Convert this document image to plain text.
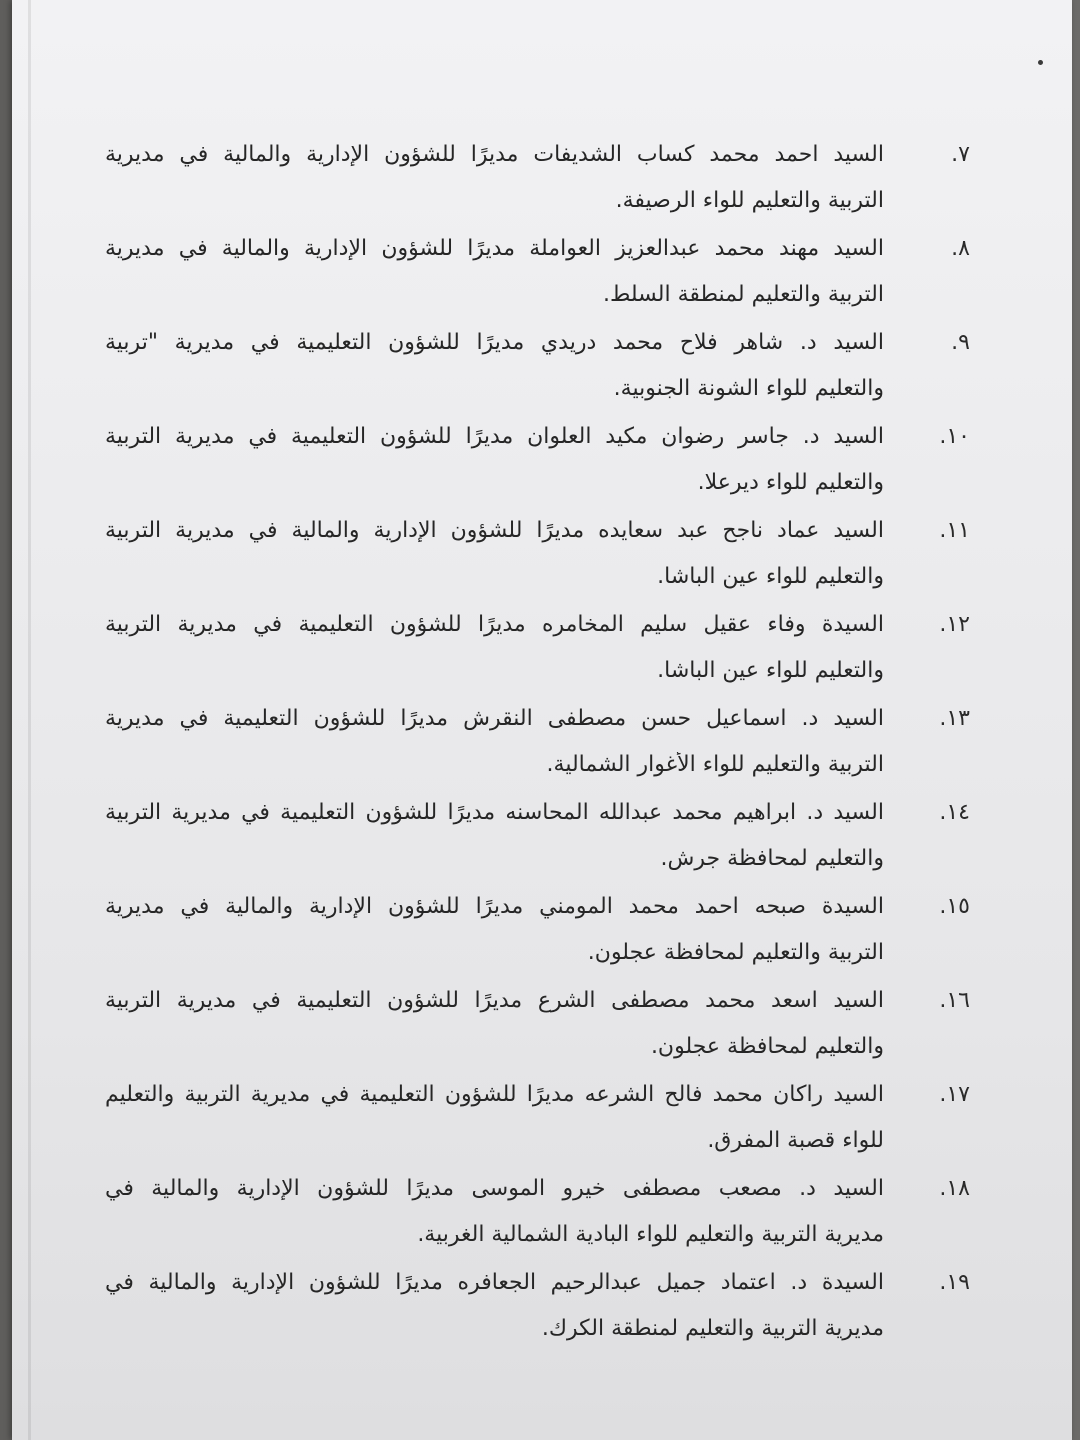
٧.
السيد احمد محمد كساب الشديفات مديرًا للشؤون الإدارية والمالية في مديرية
التربية والتعليم للواء الرصيفة.
٨.
السيد مهند محمد عبدالعزيز العواملة مديرًا للشؤون الإدارية والمالية في مديرية
التربية والتعليم لمنطقة السلط.
٩.
السيد د. شاهر فلاح محمد دريدي مديرًا للشؤون التعليمية في مديرية "تربية
والتعليم للواء الشونة الجنوبية.
١٠.
السيد د. جاسر رضوان مكيد العلوان مديرًا للشؤون التعليمية في مديرية التربية
والتعليم للواء ديرعلا.
١١.
السيد عماد ناجح عبد سعايده مديرًا للشؤون الإدارية والمالية في مديرية التربية
والتعليم للواء عين الباشا.
١٢.
السيدة وفاء عقيل سليم المخامره مديرًا للشؤون التعليمية في مديرية التربية
والتعليم للواء عين الباشا.
١٣.
السيد د. اسماعيل حسن مصطفى النقرش مديرًا للشؤون التعليمية في مديرية
التربية والتعليم للواء الأغوار الشمالية.
١٤.
السيد د. ابراهيم محمد عبدالله المحاسنه مديرًا للشؤون التعليمية في مديرية التربية
والتعليم لمحافظة جرش.
١٥.
السيدة صبحه احمد محمد المومني مديرًا للشؤون الإدارية والمالية في مديرية
التربية والتعليم لمحافظة عجلون.
١٦.
السيد اسعد محمد مصطفى الشرع مديرًا للشؤون التعليمية في مديرية التربية
والتعليم لمحافظة عجلون.
١٧.
السيد راكان محمد فالح الشرعه مديرًا للشؤون التعليمية في مديرية التربية والتعليم
للواء قصبة المفرق.
١٨.
السيد د. مصعب مصطفى خيرو الموسى مديرًا للشؤون الإدارية والمالية في
مديرية التربية والتعليم للواء البادية الشمالية الغربية.
١٩.
السيدة د. اعتماد جميل عبدالرحيم الجعافره مديرًا للشؤون الإدارية والمالية في
مديرية التربية والتعليم لمنطقة الكرك.
